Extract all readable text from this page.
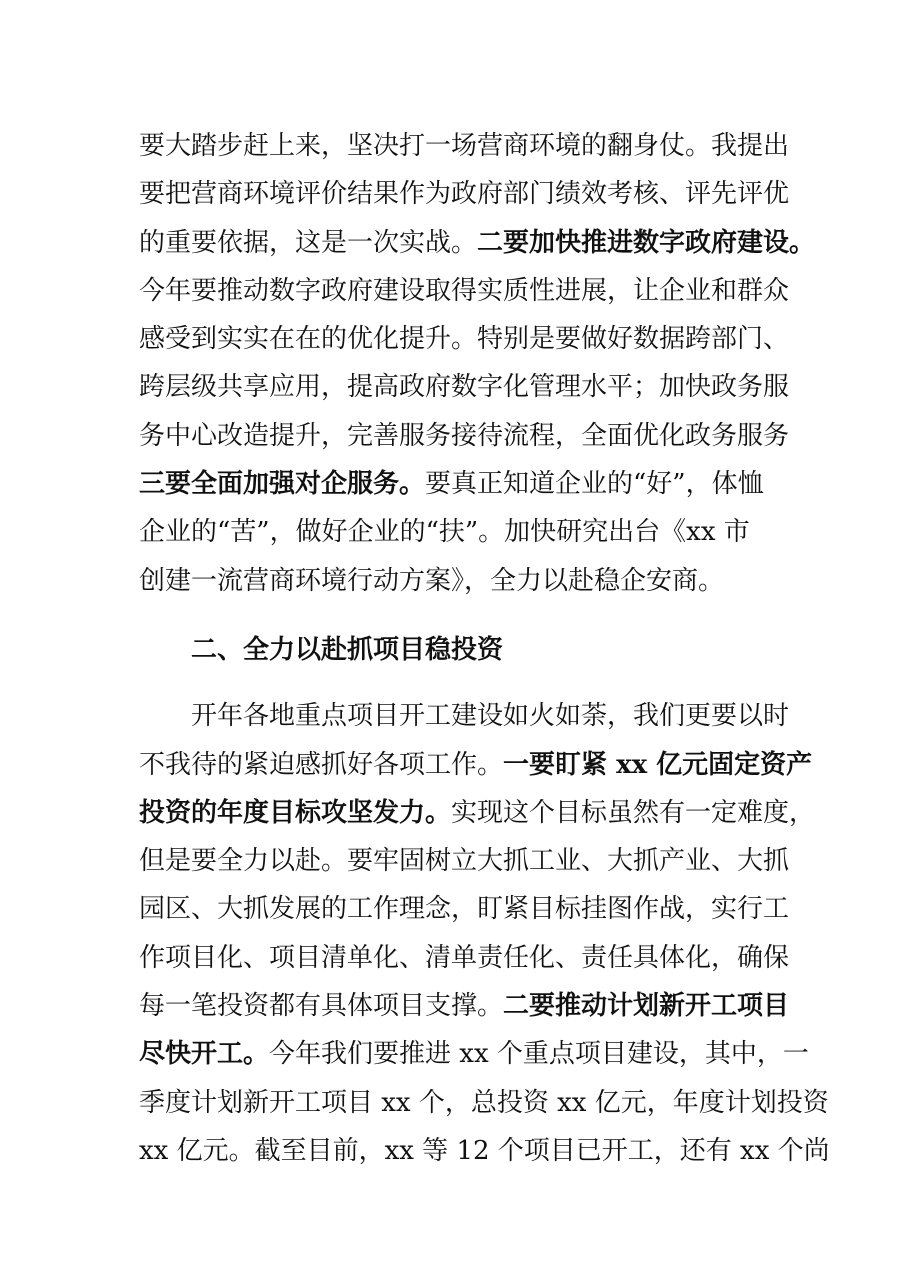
要大踏步赶上来，坚决打一场营商环境的翻身仗。我提出
要把营商环境评价结果作为政府部门绩效考核、评先评优
的重要依据，这是一次实战。二要加快推进数字政府建设。
今年要推动数字政府建设取得实质性进展，让企业和群众
感受到实实在在的优化提升。特别是要做好数据跨部门、
跨层级共享应用，提高政府数字化管理水平；加快政务服
务中心改造提升，完善服务接待流程，全面优化政务服务
三要全面加强对企服务。要真正知道企业的“好”，体恤
企业的“苦”，做好企业的“扶”。加快研究出台《xx 市
创建一流营商环境行动方案》，全力以赴稳企安商。
二、全力以赴抓项目稳投资
开年各地重点项目开工建设如火如荼，我们更要以时
不我待的紧迫感抓好各项工作。一要盯紧 xx 亿元固定资产
投资的年度目标攻坚发力。实现这个目标虽然有一定难度，
但是要全力以赴。要牢固树立大抓工业、大抓产业、大抓
园区、大抓发展的工作理念，盯紧目标挂图作战，实行工
作项目化、项目清单化、清单责任化、责任具体化，确保
每一笔投资都有具体项目支撑。二要推动计划新开工项目
尽快开工。今年我们要推进 xx 个重点项目建设，其中，一
季度计划新开工项目 xx 个，总投资 xx 亿元，年度计划投资
xx 亿元。截至目前，xx 等 12 个项目已开工，还有 xx 个尚
